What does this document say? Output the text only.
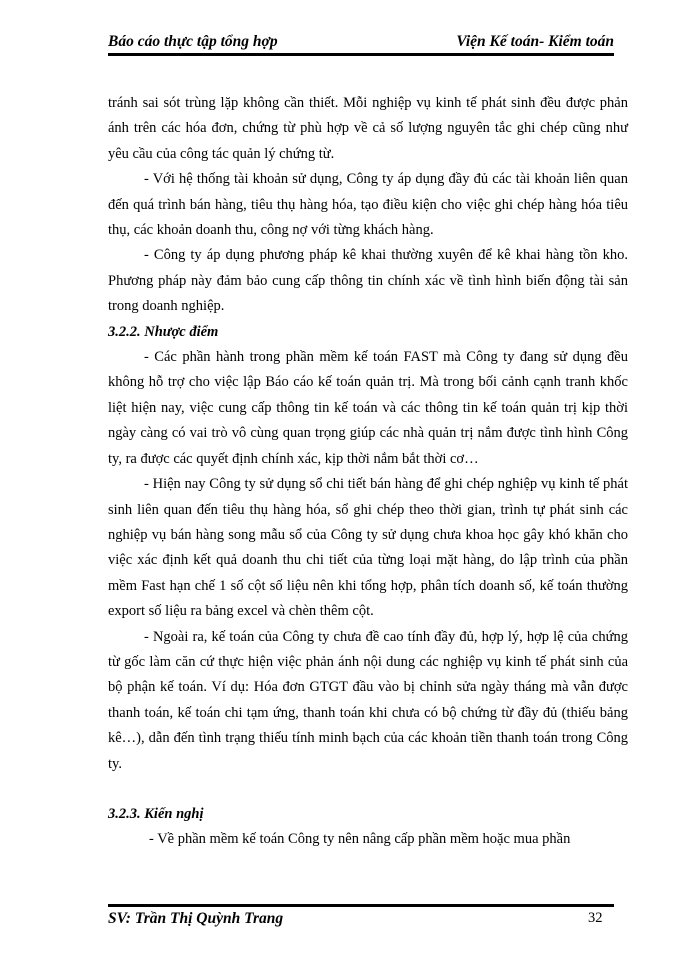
Báo cáo thực tập tổng hợp	Viện Kế toán- Kiểm toán

tránh sai sót trùng lặp không cần thiết. Mỗi nghiệp vụ kinh tế phát sinh đều được phản ánh trên các hóa đơn, chứng từ phù hợp về cả số lượng nguyên tắc ghi chép cũng như yêu cầu của công tác quản lý chứng từ.

- Với hệ thống tài khoản sử dụng, Công ty áp dụng đầy đủ các tài khoản liên quan đến quá trình bán hàng, tiêu thụ hàng hóa, tạo điều kiện cho việc ghi chép hàng hóa tiêu thụ, các khoản doanh thu, công nợ với từng khách hàng.

- Công ty áp dụng phương pháp kê khai thường xuyên để kê khai hàng tồn kho. Phương pháp này đảm bảo cung cấp thông tin chính xác về tình hình biến động tài sản trong doanh nghiệp.

3.2.2. Nhược điểm

- Các phần hành trong phần mềm kế toán FAST mà Công ty đang sử dụng đều không hỗ trợ cho việc lập Báo cáo kế toán quản trị. Mà trong bối cảnh cạnh tranh khốc liệt hiện nay, việc cung cấp thông tin kế toán và các thông tin kế toán quản trị kịp thời ngày càng có vai trò vô cùng quan trọng giúp các nhà quản trị nắm được tình hình Công ty, ra được các quyết định chính xác, kịp thời nắm bắt thời cơ…

- Hiện nay Công ty sử dụng sổ chi tiết bán hàng để ghi chép nghiệp vụ kinh tế phát sinh liên quan đến tiêu thụ hàng hóa, sổ ghi chép theo thời gian, trình tự phát sinh các nghiệp vụ bán hàng song mẫu sổ của Công ty sử dụng chưa khoa học gây khó khăn cho việc xác định kết quả doanh thu chi tiết của từng loại mặt hàng, do lập trình của phần mềm Fast hạn chế 1 số cột số liệu nên khi tổng hợp, phân tích doanh số, kế toán thường export số liệu ra bảng excel và chèn thêm cột.

- Ngoài ra, kế toán của Công ty chưa đề cao tính đầy đủ, hợp lý, hợp lệ của chứng từ gốc làm căn cứ thực hiện việc phản ánh nội dung các nghiệp vụ kinh tế phát sinh của bộ phận kế toán. Ví dụ: Hóa đơn GTGT đầu vào bị chỉnh sửa ngày tháng mà vẫn được thanh toán, kế toán chi tạm ứng, thanh toán khi chưa có bộ chứng từ đầy đủ (thiếu bảng kê…), dẫn đến tình trạng thiếu tính minh bạch của các khoản tiền thanh toán trong Công ty.

3.2.3. Kiến nghị

- Về phần mềm kế toán Công ty nên nâng cấp phần mềm hoặc mua phần

SV: Trần Thị Quỳnh Trang	32
